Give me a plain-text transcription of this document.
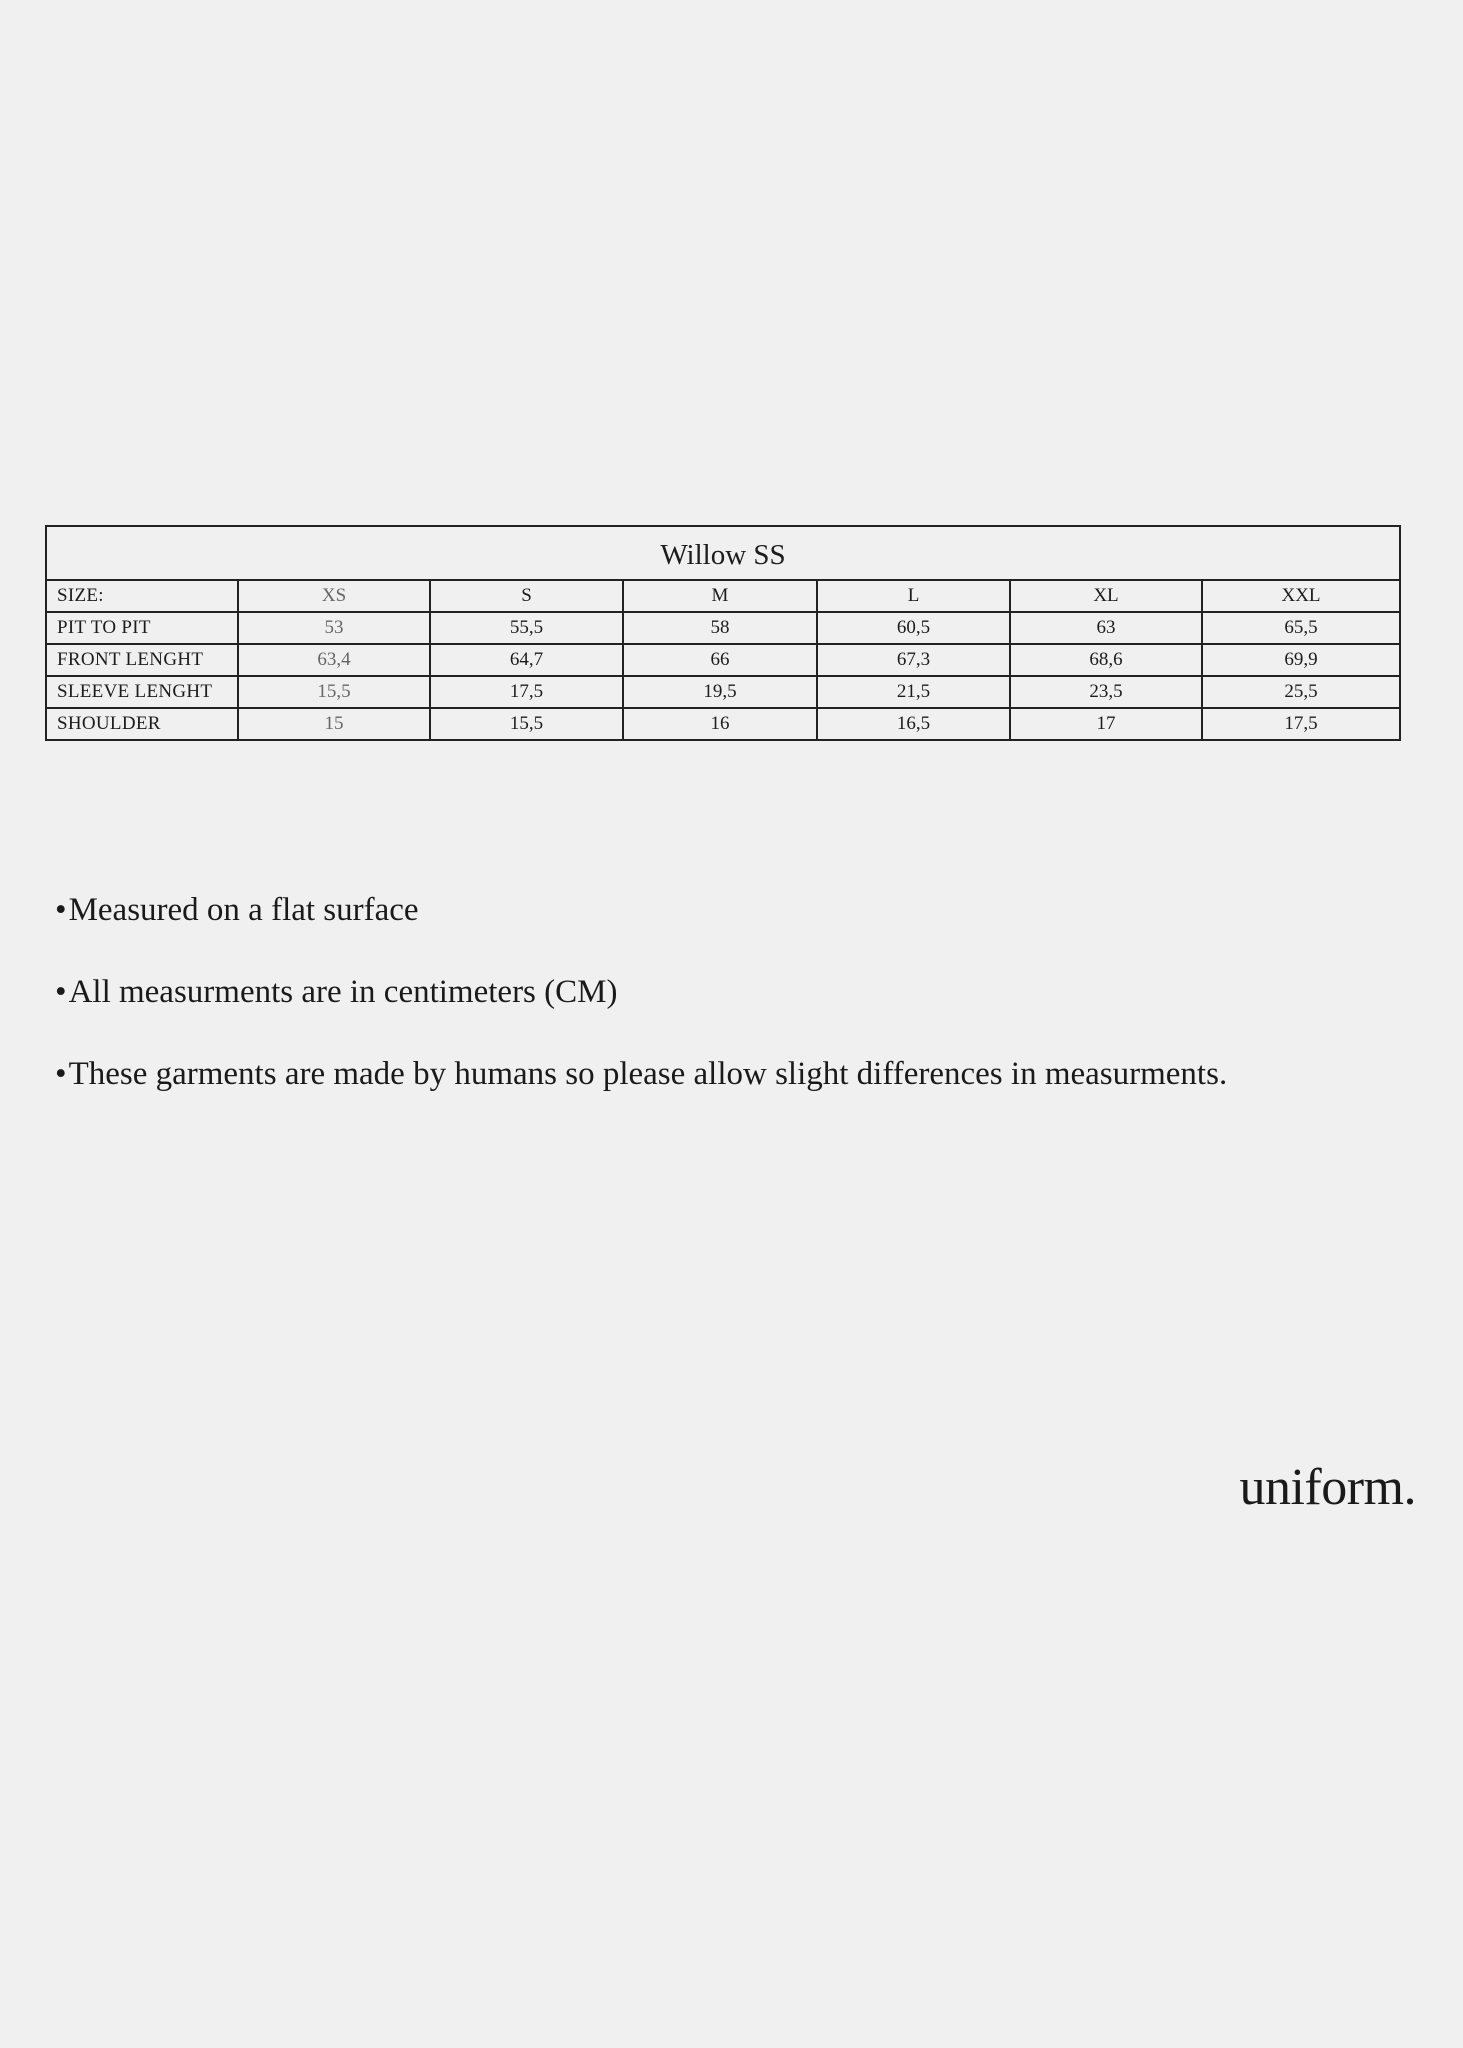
Willow SS						
SIZE:	XS	S	M	L	XL	XXL
PIT TO PIT	53	55,5	58	60,5	63	65,5
FRONT LENGHT	63,4	64,7	66	67,3	68,6	69,9
SLEEVE LENGHT	15,5	17,5	19,5	21,5	23,5	25,5
SHOULDER	15	15,5	16	16,5	17	17,5
•Measured on a flat surface
•All measurments are in centimeters (CM)
•These garments are made by humans so please allow slight differences in measurments.
uniform.
